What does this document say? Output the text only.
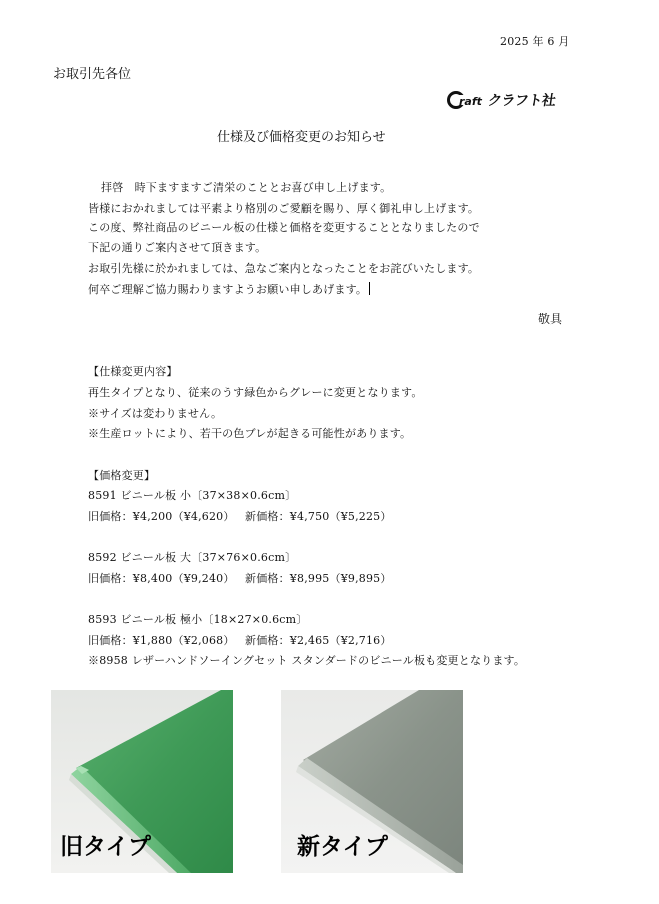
2025 年 6 月
お取引先各位
raft クラフト社
仕様及び価格変更のお知らせ
拝啓　時下ますますご清栄のこととお喜び申し上げます。
皆様におかれましては平素より格別のご愛顧を賜り、厚く御礼申し上げます。
この度、弊社商品のビニール板の仕様と価格を変更することとなりましたので
下記の通りご案内させて頂きます。
お取引先様に於かれましては、急なご案内となったことをお詫びいたします。
何卒ご理解ご協力賜わりますようお願い申しあげます。
敬具
【仕様変更内容】
再生タイプとなり、従来のうす緑色からグレーに変更となります。
※サイズは変わりません。
※生産ロットにより、若干の色ブレが起きる可能性があります。
【価格変更】
8591 ビニール板 小〔37×38×0.6cm〕
旧価格：¥4,200（¥4,620） 新価格：¥4,750（¥5,225）
8592 ビニール板 大〔37×76×0.6cm〕
旧価格：¥8,400（¥9,240） 新価格：¥8,995（¥9,895）
8593 ビニール板 極小〔18×27×0.6cm〕
旧価格：¥1,880（¥2,068） 新価格：¥2,465（¥2,716）
※8958 レザーハンドソーイングセット スタンダードのビニール板も変更となります。
旧タイプ	新タイプ
